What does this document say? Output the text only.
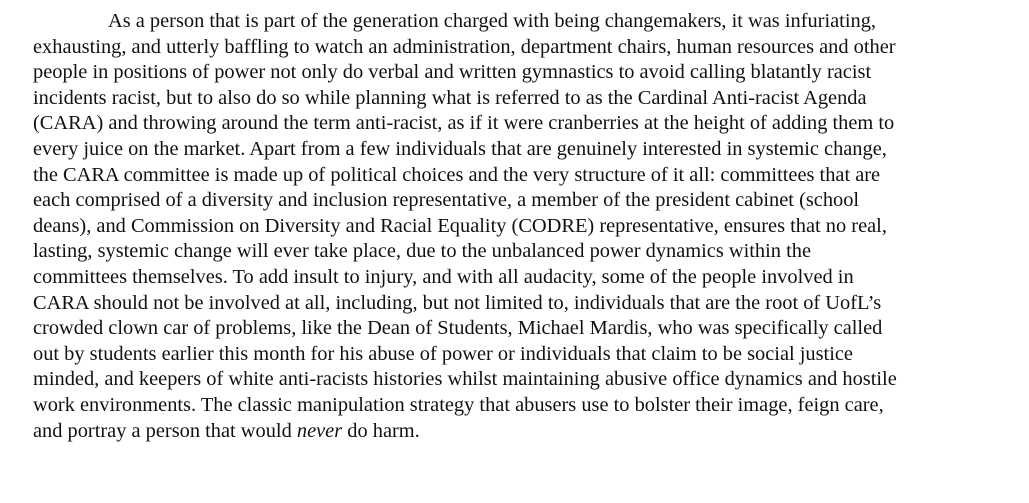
As a person that is part of the generation charged with being changemakers, it was infuriating,
exhausting, and utterly baffling to watch an administration, department chairs, human resources and other
people in positions of power not only do verbal and written gymnastics to avoid calling blatantly racist
incidents racist, but to also do so while planning what is referred to as the Cardinal Anti-racist Agenda
(CARA) and throwing around the term anti-racist, as if it were cranberries at the height of adding them to
every juice on the market. Apart from a few individuals that are genuinely interested in systemic change,
the CARA committee is made up of political choices and the very structure of it all: committees that are
each comprised of a diversity and inclusion representative, a member of the president cabinet (school
deans), and Commission on Diversity and Racial Equality (CODRE) representative, ensures that no real,
lasting, systemic change will ever take place, due to the unbalanced power dynamics within the
committees themselves. To add insult to injury, and with all audacity, some of the people involved in
CARA should not be involved at all, including, but not limited to, individuals that are the root of UofL’s
crowded clown car of problems, like the Dean of Students, Michael Mardis, who was specifically called
out by students earlier this month for his abuse of power or individuals that claim to be social justice
minded, and keepers of white anti-racists histories whilst maintaining abusive office dynamics and hostile
work environments. The classic manipulation strategy that abusers use to bolster their image, feign care,
and portray a person that would never do harm.
